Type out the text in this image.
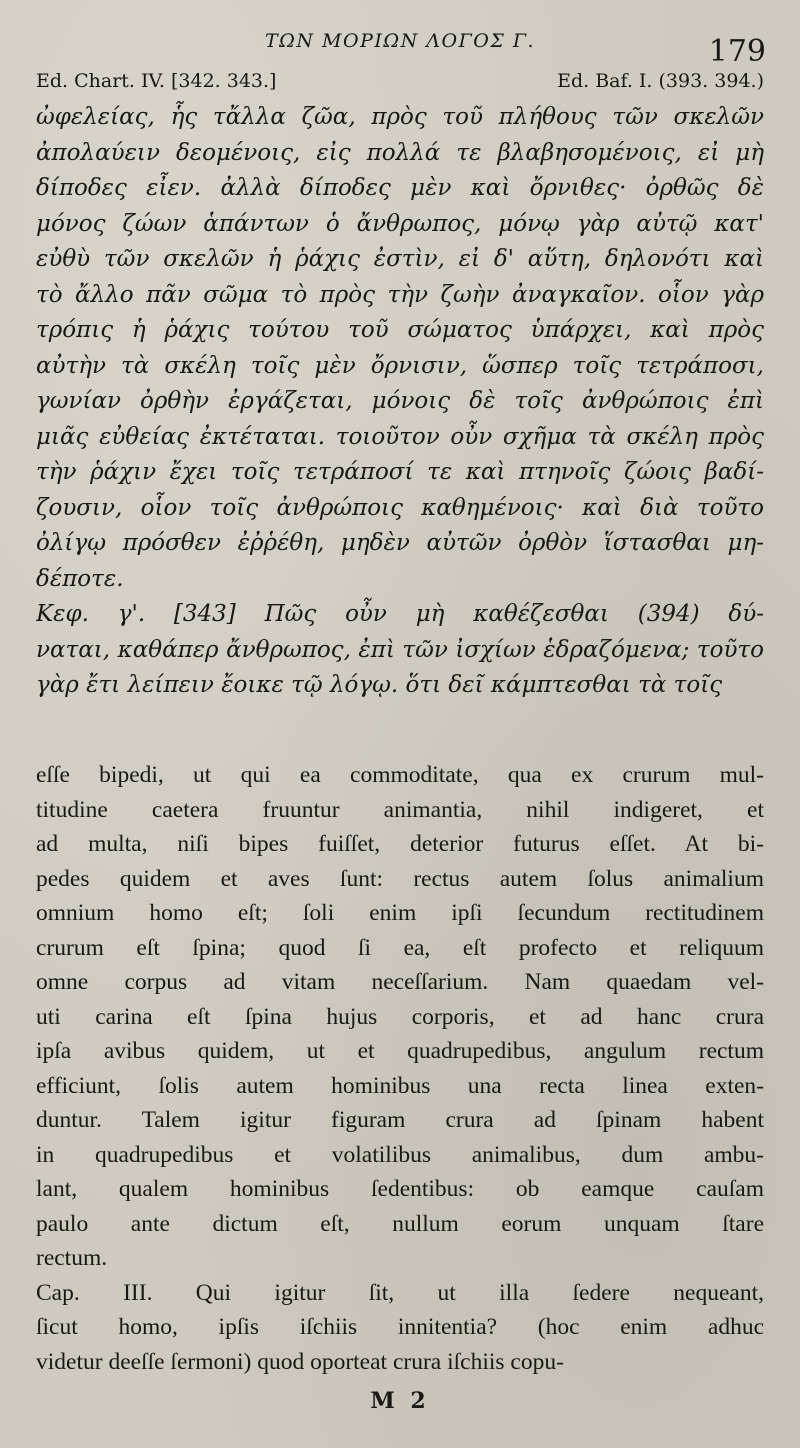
ΤΩΝ ΜΟΡΙΩΝ ΛΟΓΟΣ Γ.	179
Ed. Chart. IV. [342. 343.]	Ed. Baf. I. (393. 394.)
ὠφελείας, ἧς τἄλλα ζῶα, πρὸς τοῦ πλήθους τῶν σκελῶν
ἀπολαύειν δεομένοις, εἰς πολλά τε βλαβησομένοις, εἰ μὴ
δίποδες εἶεν. ἀλλὰ δίποδες μὲν καὶ ὄρνιθες· ὀρθῶς δὲ
μόνος ζώων ἁπάντων ὁ ἄνθρωπος, μόνῳ γὰρ αὐτῷ κατ'
εὐθὺ τῶν σκελῶν ἡ ῥάχις ἐστὶν, εἰ δ' αὕτη, δηλονότι καὶ
τὸ ἄλλο πᾶν σῶμα τὸ πρὸς τὴν ζωὴν ἀναγκαῖον. οἷον γὰρ
τρόπις ἡ ῥάχις τούτου τοῦ σώματος ὑπάρχει, καὶ πρὸς
αὐτὴν τὰ σκέλη τοῖς μὲν ὄρνισιν, ὥσπερ τοῖς τετράποσι,
γωνίαν ὀρθὴν ἐργάζεται, μόνοις δὲ τοῖς ἀνθρώποις ἐπὶ
μιᾶς εὐθείας ἐκτέταται. τοιοῦτον οὖν σχῆμα τὰ σκέλη πρὸς
τὴν ῥάχιν ἔχει τοῖς τετράποσί τε καὶ πτηνοῖς ζώοις βαδί-
ζουσιν, οἷον τοῖς ἀνθρώποις καθημένοις· καὶ διὰ τοῦτο
ὀλίγῳ πρόσθεν ἐῤῥέθη, μηδὲν αὐτῶν ὀρθὸν ἵστασθαι μη-
δέποτε.
Κεφ. γ'. [343] Πῶς οὖν μὴ καθέζεσθαι (394) δύ-
ναται, καθάπερ ἄνθρωπος, ἐπὶ τῶν ἰσχίων ἑδραζόμενα; τοῦτο
γὰρ ἔτι λείπειν ἔοικε τῷ λόγῳ. ὅτι δεῖ κάμπτεσθαι τὰ τοῖς
eſſe bipedi, ut qui ea commoditate, qua ex crurum mul-
titudine caetera fruuntur animantia, nihil indigeret, et
ad multa, niſi bipes fuiſſet, deterior futurus eſſet. At bi-
pedes quidem et aves ſunt: rectus autem ſolus animalium
omnium homo eſt; ſoli enim ipſi ſecundum rectitudinem
crurum eſt ſpina; quod ſi ea, eſt profecto et reliquum
omne corpus ad vitam neceſſarium. Nam quaedam vel-
uti carina eſt ſpina hujus corporis, et ad hanc crura
ipſa avibus quidem, ut et quadrupedibus, angulum rectum
efficiunt, ſolis autem hominibus una recta linea exten-
duntur. Talem igitur figuram crura ad ſpinam habent
in quadrupedibus et volatilibus animalibus, dum ambu-
lant, qualem hominibus ſedentibus: ob eamque cauſam
paulo ante dictum eſt, nullum eorum unquam ſtare
rectum.
Cap. III. Qui igitur ſit, ut illa ſedere nequeant,
ſicut homo, ipſis iſchiis innitentia? (hoc enim adhuc
videtur deeſſe ſermoni) quod oporteat crura iſchiis copu-
M 2
